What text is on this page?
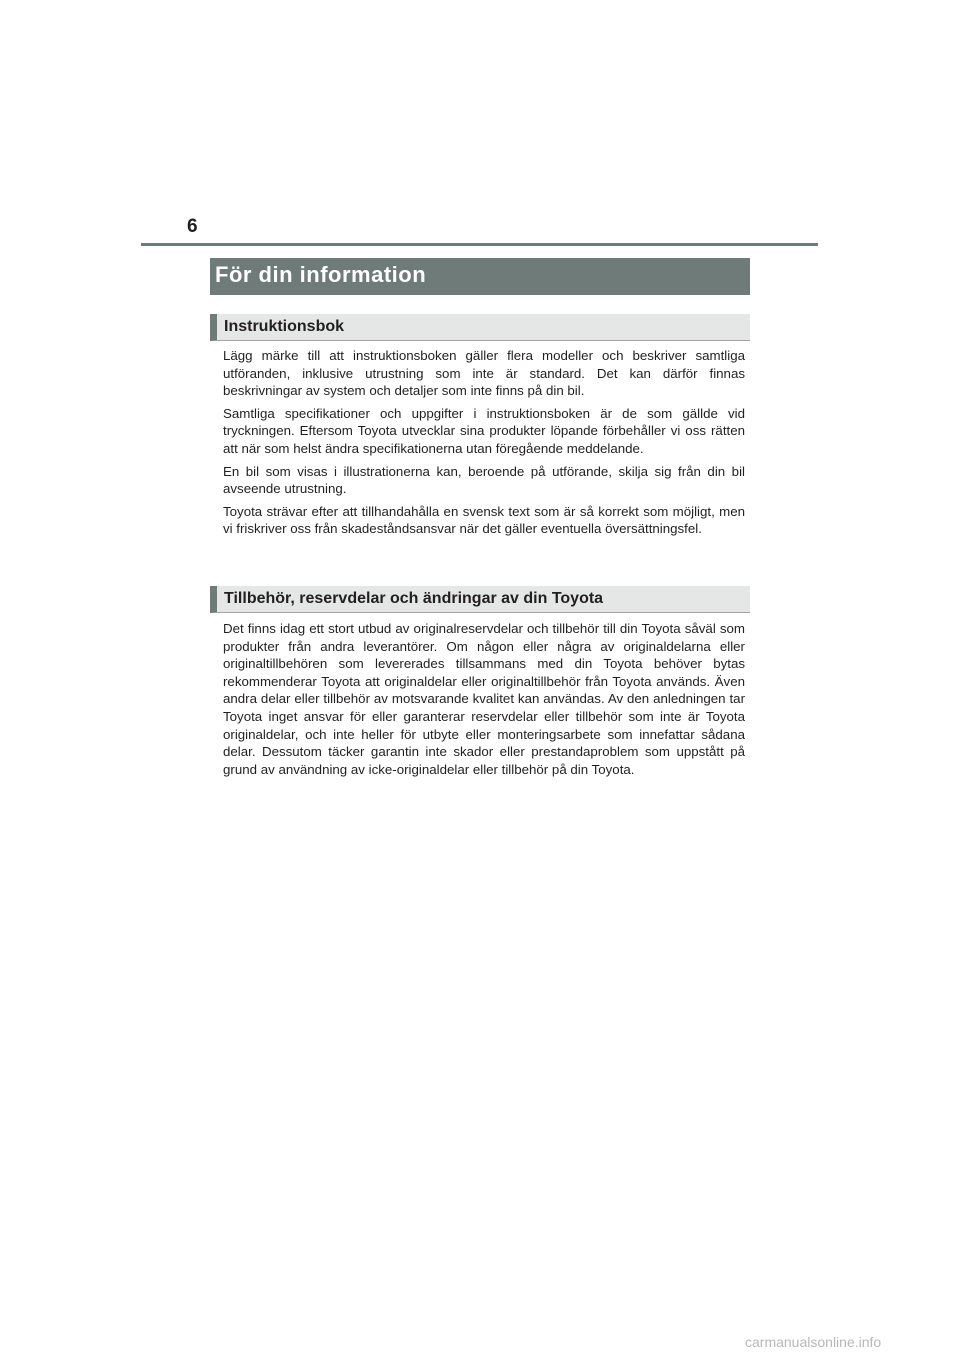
6
För din information
Instruktionsbok

Lägg märke till att instruktionsboken gäller flera modeller och beskriver samtliga utföranden, inklusive utrustning som inte är standard. Det kan därför finnas beskrivningar av system och detaljer som inte finns på din bil.

Samtliga specifikationer och uppgifter i instruktionsboken är de som gällde vid tryckningen. Eftersom Toyota utvecklar sina produkter löpande förbehåller vi oss rätten att när som helst ändra specifikationerna utan föregående meddelande.

En bil som visas i illustrationerna kan, beroende på utförande, skilja sig från din bil avseende utrustning.

Toyota strävar efter att tillhandahålla en svensk text som är så korrekt som möjligt, men vi friskriver oss från skadeståndsansvar när det gäller eventuella översättningsfel.

Tillbehör, reservdelar och ändringar av din Toyota

Det finns idag ett stort utbud av originalreservdelar och tillbehör till din Toyota såväl som produkter från andra leverantörer. Om någon eller några av originaldelarna eller originaltillbehören som levererades tillsammans med din Toyota behöver bytas rekommenderar Toyota att originaldelar eller originaltillbehör från Toyota används. Även andra delar eller tillbehör av motsvarande kvalitet kan användas. Av den anledningen tar Toyota inget ansvar för eller garanterar reservdelar eller tillbehör som inte är Toyota originaldelar, och inte heller för utbyte eller monteringsarbete som innefattar sådana delar. Dessutom täcker garantin inte skador eller prestandaproblem som uppstått på grund av användning av icke-originaldelar eller tillbehör på din Toyota.

carmanualsonline.info
